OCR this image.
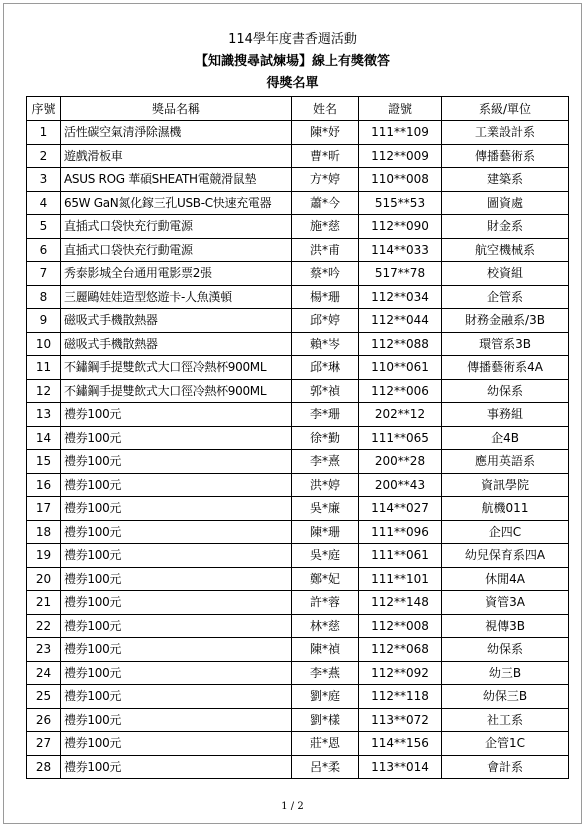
114學年度書香週活動
【知識搜尋試煉場】線上有獎徵答
得獎名單
序號	獎品名稱	姓名	證號	系級/單位
1	活性碳空氣清淨除濕機	陳*妤	111**109	工業設計系
2	遊戲滑板車	曹*昕	112**009	傳播藝術系
3	ASUS ROG 華碩SHEATH電競滑鼠墊	方*婷	110**008	建築系
4	65W GaN氮化鎵三孔USB-C快速充電器	蕭*今	515**53	圖資處
5	直插式口袋快充行動電源	施*慈	112**090	財金系
6	直插式口袋快充行動電源	洪*甫	114**033	航空機械系
7	秀泰影城全台通用電影票2張	蔡*吟	517**78	校資組
8	三麗鷗娃娃造型悠遊卡-人魚漢頓	楊*珊	112**034	企管系
9	磁吸式手機散熱器	邱*婷	112**044	財務金融系/3B
10	磁吸式手機散熱器	賴*岑	112**088	環管系3B
11	不鏽鋼手提雙飲式大口徑冷熱杯900ML	邱*琳	110**061	傳播藝術系4A
12	不鏽鋼手提雙飲式大口徑冷熱杯900ML	郭*禎	112**006	幼保系
13	禮券100元	李*珊	202**12	事務組
14	禮券100元	徐*勤	111**065	企4B
15	禮券100元	李*熹	200**28	應用英語系
16	禮券100元	洪*婷	200**43	資訊學院
17	禮券100元	吳*廉	114**027	航機011
18	禮券100元	陳*珊	111**096	企四C
19	禮券100元	吳*庭	111**061	幼兒保育系四A
20	禮券100元	鄭*妃	111**101	休閒4A
21	禮券100元	許*蓉	112**148	資管3A
22	禮券100元	林*慈	112**008	視傳3B
23	禮券100元	陳*禎	112**068	幼保系
24	禮券100元	李*燕	112**092	幼三B
25	禮券100元	劉*庭	112**118	幼保三B
26	禮券100元	劉*樣	113**072	社工系
27	禮券100元	莊*恩	114**156	企管1C
28	禮券100元	呂*柔	113**014	會計系
1 / 2
